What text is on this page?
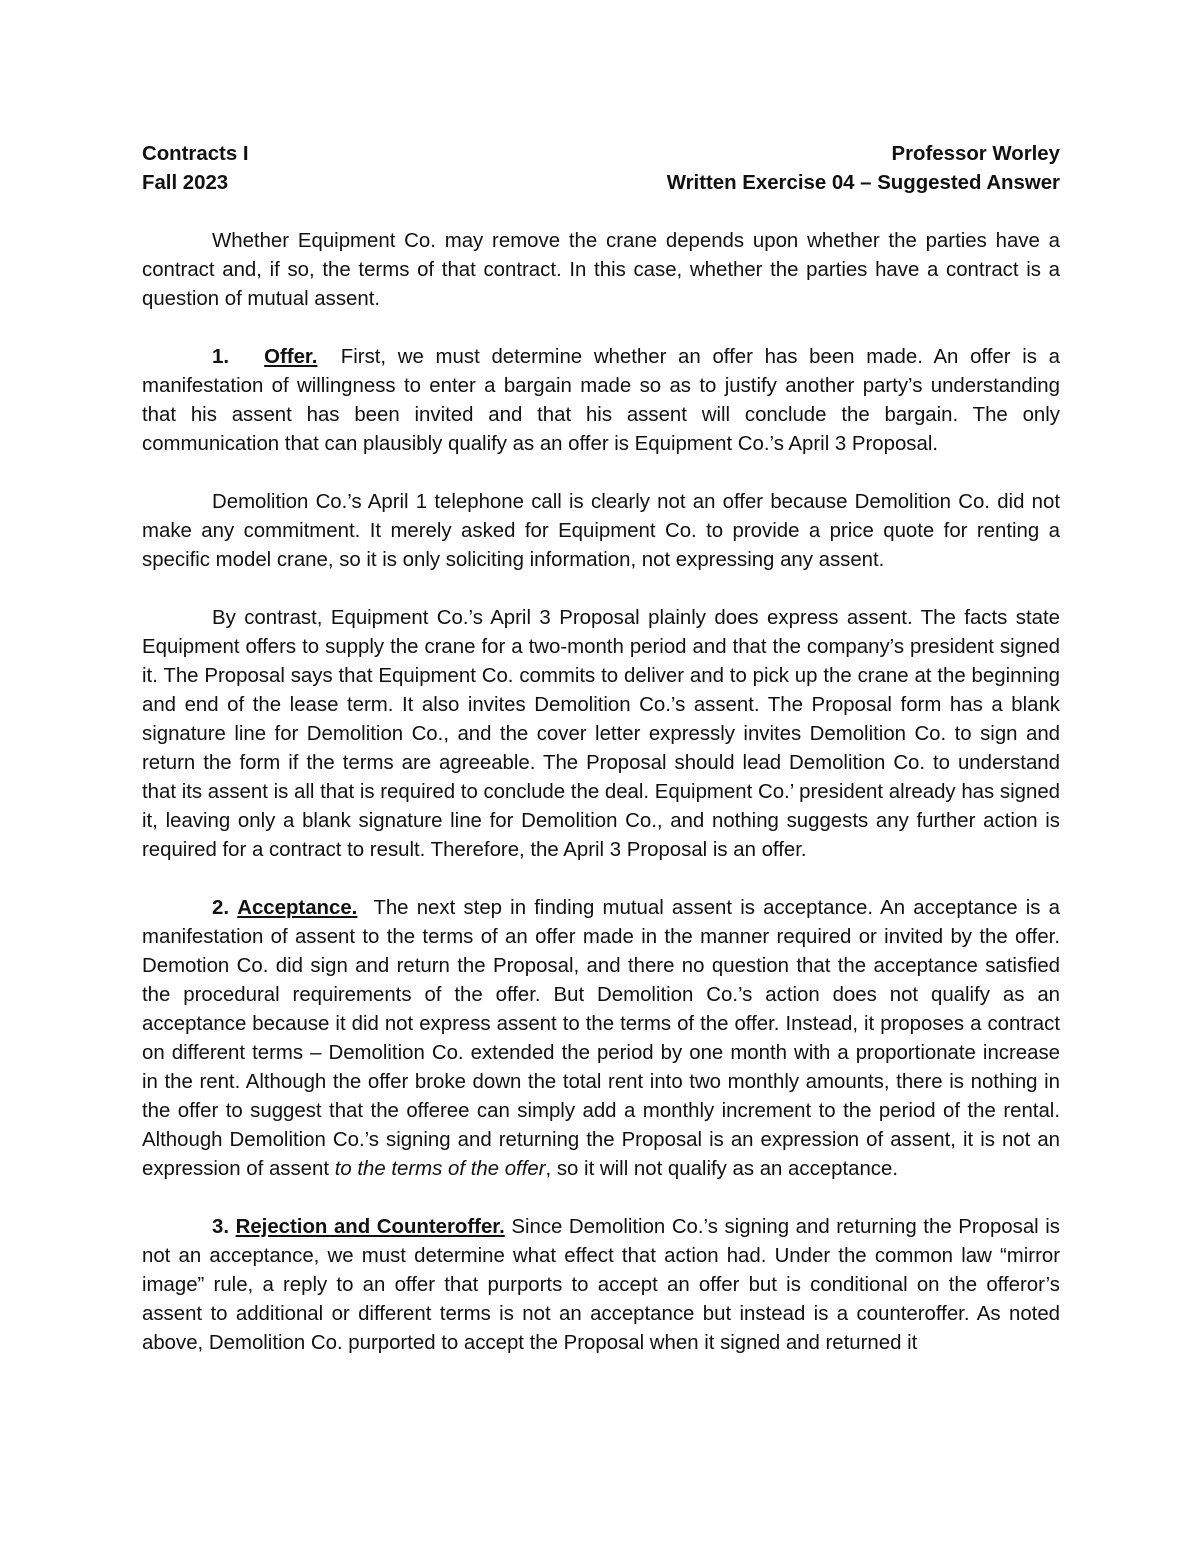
Contracts I	Professor Worley
Fall 2023	Written Exercise 04 – Suggested Answer

Whether Equipment Co. may remove the crane depends upon whether the parties have a contract and, if so, the terms of that contract. In this case, whether the parties have a contract is a question of mutual assent.

1. Offer. First, we must determine whether an offer has been made. An offer is a manifestation of willingness to enter a bargain made so as to justify another party’s understanding that his assent has been invited and that his assent will conclude the bargain. The only communication that can plausibly qualify as an offer is Equipment Co.’s April 3 Proposal.

Demolition Co.’s April 1 telephone call is clearly not an offer because Demolition Co. did not make any commitment. It merely asked for Equipment Co. to provide a price quote for renting a specific model crane, so it is only soliciting information, not expressing any assent.

By contrast, Equipment Co.’s April 3 Proposal plainly does express assent. The facts state Equipment offers to supply the crane for a two-month period and that the company’s president signed it. The Proposal says that Equipment Co. commits to deliver and to pick up the crane at the beginning and end of the lease term. It also invites Demolition Co.’s assent. The Proposal form has a blank signature line for Demolition Co., and the cover letter expressly invites Demolition Co. to sign and return the form if the terms are agreeable. The Proposal should lead Demolition Co. to understand that its assent is all that is required to conclude the deal. Equipment Co.’ president already has signed it, leaving only a blank signature line for Demolition Co., and nothing suggests any further action is required for a contract to result. Therefore, the April 3 Proposal is an offer.

2. Acceptance. The next step in finding mutual assent is acceptance. An acceptance is a manifestation of assent to the terms of an offer made in the manner required or invited by the offer. Demotion Co. did sign and return the Proposal, and there no question that the acceptance satisfied the procedural requirements of the offer. But Demolition Co.’s action does not qualify as an acceptance because it did not express assent to the terms of the offer. Instead, it proposes a contract on different terms – Demolition Co. extended the period by one month with a proportionate increase in the rent. Although the offer broke down the total rent into two monthly amounts, there is nothing in the offer to suggest that the offeree can simply add a monthly increment to the period of the rental. Although Demolition Co.’s signing and returning the Proposal is an expression of assent, it is not an expression of assent to the terms of the offer, so it will not qualify as an acceptance.

3. Rejection and Counteroffer. Since Demolition Co.’s signing and returning the Proposal is not an acceptance, we must determine what effect that action had. Under the common law “mirror image” rule, a reply to an offer that purports to accept an offer but is conditional on the offeror’s assent to additional or different terms is not an acceptance but instead is a counteroffer. As noted above, Demolition Co. purported to accept the Proposal when it signed and returned it
